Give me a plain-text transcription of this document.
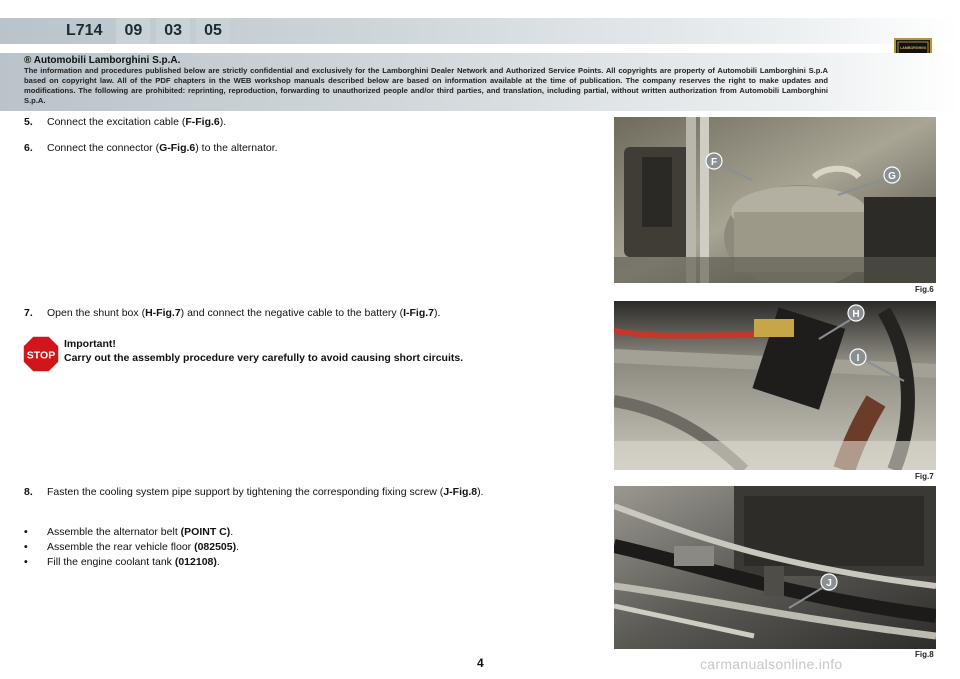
L714	09	03	05
LAMBORGHINI
® Automobili Lamborghini S.p.A.
The information and procedures published below are strictly confidential and exclusively for the Lamborghini Dealer Network and Authorized Service Points. All copyrights are property of Automobili Lamborghini S.p.A based on copyright law. All of the PDF chapters in the WEB workshop manuals described below are based on information available at the time of publication. The company reserves the right to make updates and modifications. The following are prohibited: reprinting, reproduction, forwarding to unauthorized people and/or third parties, and translation, including partial, without written authorization from Automobili Lamborghini S.p.A.
5. Connect the excitation cable (F-Fig.6).
6. Connect the connector (G-Fig.6) to the alternator.
7. Open the shunt box (H-Fig.7) and connect the negative cable to the battery (I-Fig.7).
STOP
Important!
Carry out the assembly procedure very carefully to avoid causing short circuits.
8. Fasten the cooling system pipe support by tightening the corresponding fixing screw (J-Fig.8).
• Assemble the alternator belt (POINT C).
• Assemble the rear vehicle floor (082505).
• Fill the engine coolant tank (012108).
F
G
Fig.6
H
I
Fig.7
J
Fig.8
4	carmanualsonline.info
